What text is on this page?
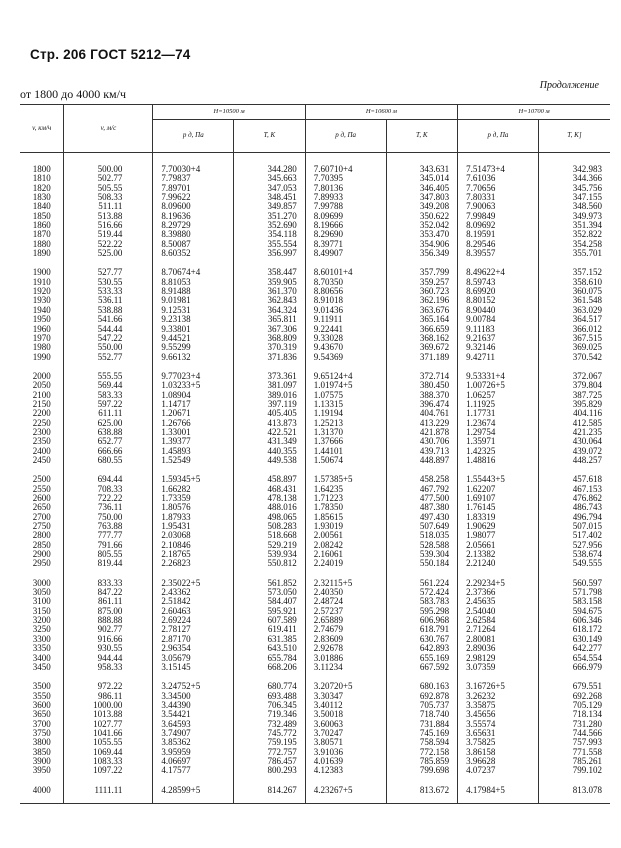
Стр. 206 ГОСТ 5212—74
Продолжение
от 1800 до 4000 км/ч
v, км/ч	v, м/с	H=10500 м		H=10600 м		H=10700 м	
		p д, Па	T, К	p д, Па	T, К	p д, Па	T, К]
1800	500.00	7.70030+4	344.280	7.60710+4	343.631	7.51473+4	342.983
1810	502.77	7.79837	345.663	7.70395	345.014	7.61036	344.366
1820	505.55	7.89701	347.053	7.80136	346.405	7.70656	345.756
1830	508.33	7.99622	348.451	7.89933	347.803	7.80331	347.155
1840	511.11	8.09600	349.857	7.99788	349.208	7.90063	348.560
1850	513.88	8.19636	351.270	8.09699	350.622	7.99849	349.973
1860	516.66	8.29729	352.690	8.19666	352.042	8.09692	351.394
1870	519.44	8.39880	354.118	8.29690	353.470	8.19591	352.822
1880	522.22	8.50087	355.554	8.39771	354.906	8.29546	354.258
1890	525.00	8.60352	356.997	8.49907	356.349	8.39557	355.701
1900	527.77	8.70674+4	358.447	8.60101+4	357.799	8.49622+4	357.152
1910	530.55	8.81053	359.905	8.70350	359.257	8.59743	358.610
1920	533.33	8.91488	361.370	8.80656	360.723	8.69920	360.075
1930	536.11	9.01981	362.843	8.91018	362.196	8.80152	361.548
1940	538.88	9.12531	364.324	9.01436	363.676	8.90440	363.029
1950	541.66	9.23138	365.811	9.11911	365.164	9.00784	364.517
1960	544.44	9.33801	367.306	9.22441	366.659	9.11183	366.012
1970	547.22	9.44521	368.809	9.33028	368.162	9.21637	367.515
1980	550.00	9.55299	370.319	9.43670	369.672	9.32146	369.025
1990	552.77	9.66132	371.836	9.54369	371.189	9.42711	370.542
2000	555.55	9.77023+4	373.361	9.65124+4	372.714	9.53331+4	372.067
2050	569.44	1.03233+5	381.097	1.01974+5	380.450	1.00726+5	379.804
2100	583.33	1.08904	389.016	1.07575	388.370	1.06257	387.725
2150	597.22	1.14717	397.119	1.13315	396.474	1.11925	395.829
2200	611.11	1.20671	405.405	1.19194	404.761	1.17731	404.116
2250	625.00	1.26766	413.873	1.25213	413.229	1.23674	412.585
2300	638.88	1.33001	422.521	1.31370	421.878	1.29754	421.235
2350	652.77	1.39377	431.349	1.37666	430.706	1.35971	430.064
2400	666.66	1.45893	440.355	1.44101	439.713	1.42325	439.072
2450	680.55	1.52549	449.538	1.50674	448.897	1.48816	448.257
2500	694.44	1.59345+5	458.897	1.57385+5	458.258	1.55443+5	457.618
2550	708.33	1.66282	468.431	1.64235	467.792	1.62207	467.153
2600	722.22	1.73359	478.138	1.71223	477.500	1.69107	476.862
2650	736.11	1.80576	488.016	1.78350	487.380	1.76145	486.743
2700	750.00	1.87933	498.065	1.85615	497.430	1.83319	496.794
2750	763.88	1.95431	508.283	1.93019	507.649	1.90629	507.015
2800	777.77	2.03068	518.668	2.00561	518.035	1.98077	517.402
2850	791.66	2.10846	529.219	2.08242	528.588	2.05661	527.956
2900	805.55	2.18765	539.934	2.16061	539.304	2.13382	538.674
2950	819.44	2.26823	550.812	2.24019	550.184	2.21240	549.555
3000	833.33	2.35022+5	561.852	2.32115+5	561.224	2.29234+5	560.597
3050	847.22	2.43362	573.050	2.40350	572.424	2.37366	571.798
3100	861.11	2.51842	584.407	2.48724	583.783	2.45635	583.158
3150	875.00	2.60463	595.921	2.57237	595.298	2.54040	594.675
3200	888.88	2.69224	607.589	2.65889	606.968	2.62584	606.346
3250	902.77	2.78127	619.411	2.74679	618.791	2.71264	618.172
3300	916.66	2.87170	631.385	2.83609	630.767	2.80081	630.149
3350	930.55	2.96354	643.510	2.92678	642.893	2.89036	642.277
3400	944.44	3.05679	655.784	3.01886	655.169	2.98129	654.554
3450	958.33	3.15145	668.206	3.11234	667.592	3.07359	666.979
3500	972.22	3.24752+5	680.774	3.20720+5	680.163	3.16726+5	679.551
3550	986.11	3.34500	693.488	3.30347	692.878	3.26232	692.268
3600	1000.00	3.44390	706.345	3.40112	705.737	3.35875	705.129
3650	1013.88	3.54421	719.346	3.50018	718.740	3.45656	718.134
3700	1027.77	3.64593	732.489	3.60063	731.884	3.55574	731.280
3750	1041.66	3.74907	745.772	3.70247	745.169	3.65631	744.566
3800	1055.55	3.85362	759.195	3.80571	758.594	3.75825	757.993
3850	1069.44	3.95959	772.757	3.91036	772.158	3.86158	771.558
3900	1083.33	4.06697	786.457	4.01639	785.859	3.96628	785.261
3950	1097.22	4.17577	800.293	4.12383	799.698	4.07237	799.102
4000	1111.11	4.28599+5	814.267	4.23267+5	813.672	4.17984+5	813.078
